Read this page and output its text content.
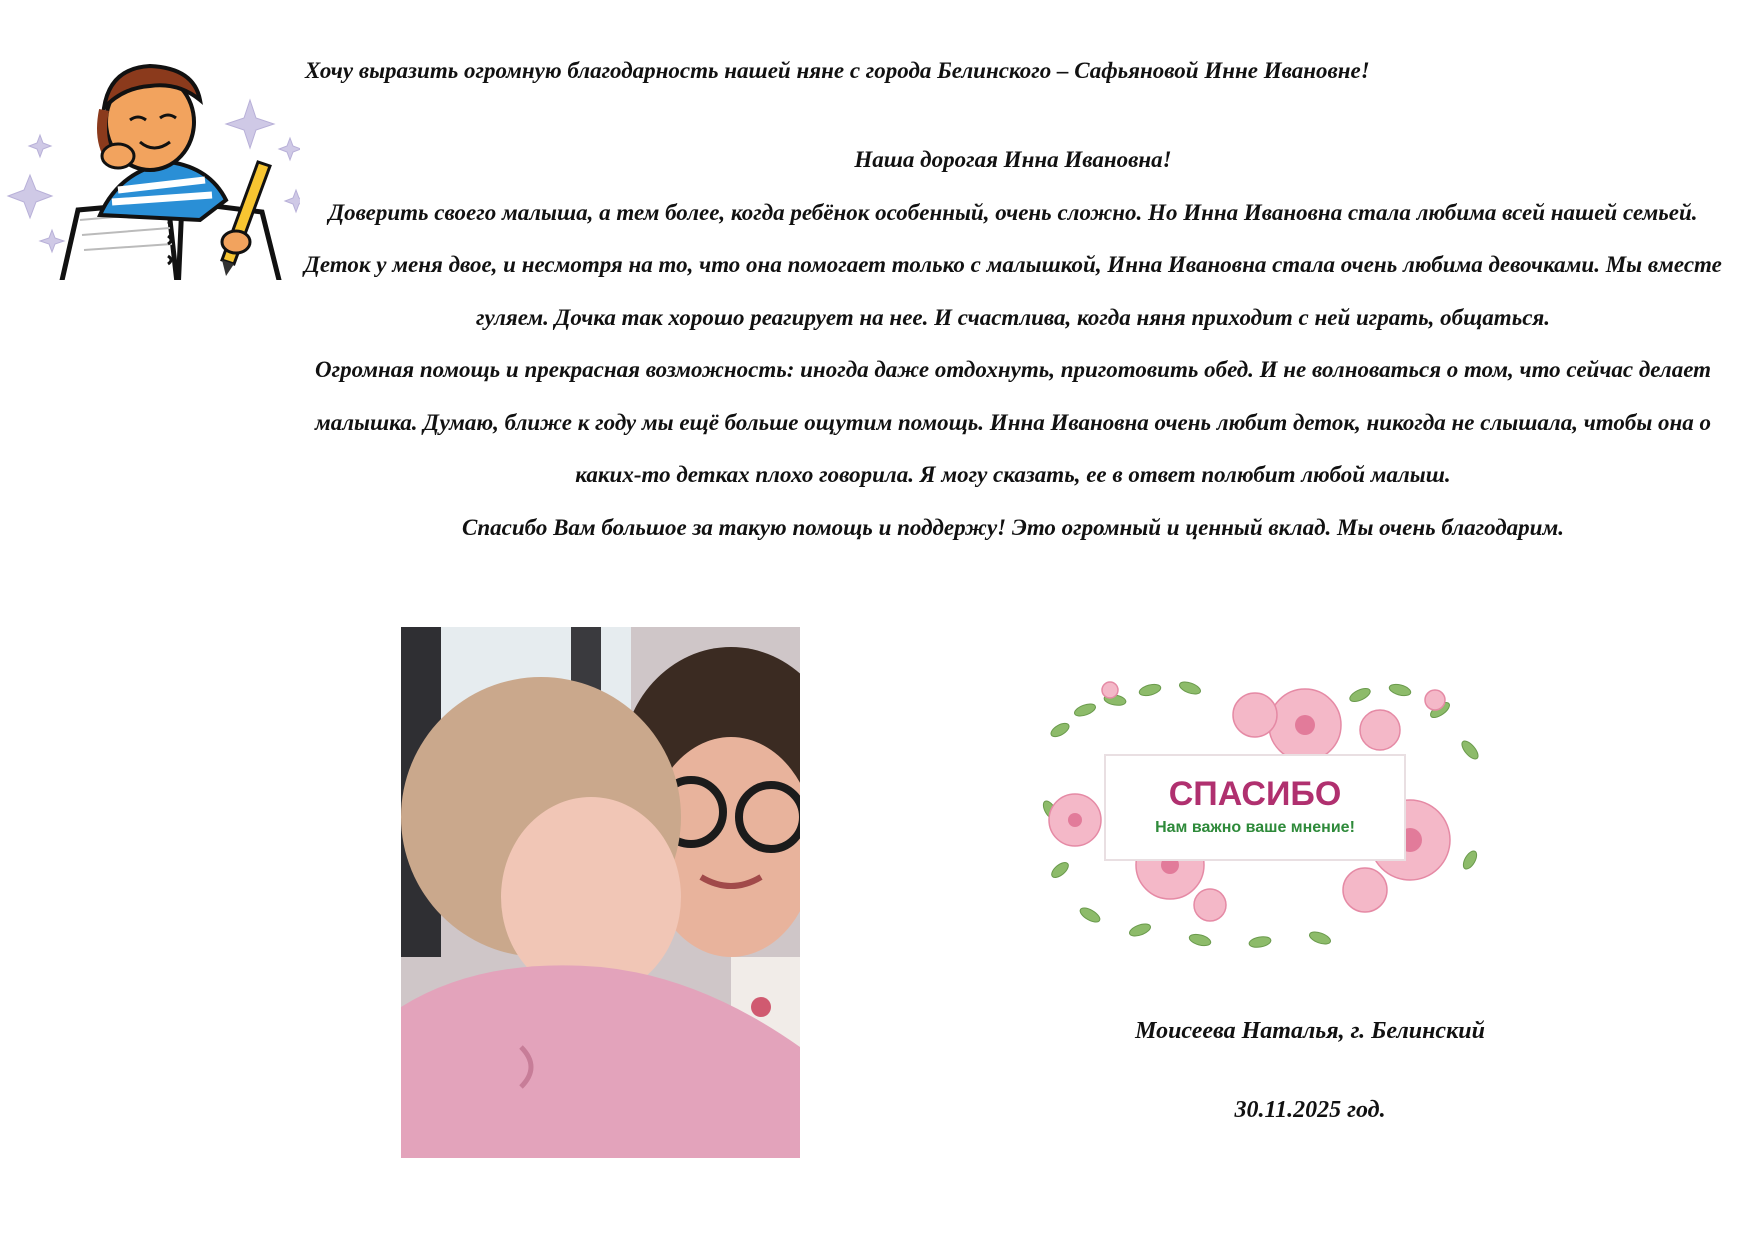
Хочу выразить огромную благодарность нашей няне с города Белинского – Сафьяновой Инне Ивановне!

Наша дорогая Инна Ивановна!

Доверить своего малыша, а тем более, когда ребёнок особенный, очень сложно. Но Инна Ивановна стала любима всей нашей семьей. Деток у меня двое, и несмотря на то, что она помогает только с малышкой, Инна Ивановна стала очень любима девочками. Мы вместе гуляем. Дочка так хорошо реагирует на нее. И счастлива, когда няня приходит с ней играть, общаться.

Огромная помощь и прекрасная возможность: иногда даже отдохнуть, приготовить обед. И не волноваться о том, что сейчас делает малышка. Думаю, ближе к году мы ещё больше ощутим помощь. Инна Ивановна очень любит деток, никогда не слышала, чтобы она о каких-то детках плохо говорила. Я могу сказать, ее в ответ полюбит любой малыш.

Спасибо Вам большое за такую помощь и поддержу! Это огромный и ценный вклад. Мы очень благодарим.

СПАСИБО
Нам важно ваше мнение!
Моисеева Наталья, г. Белинский
30.11.2025 год.
